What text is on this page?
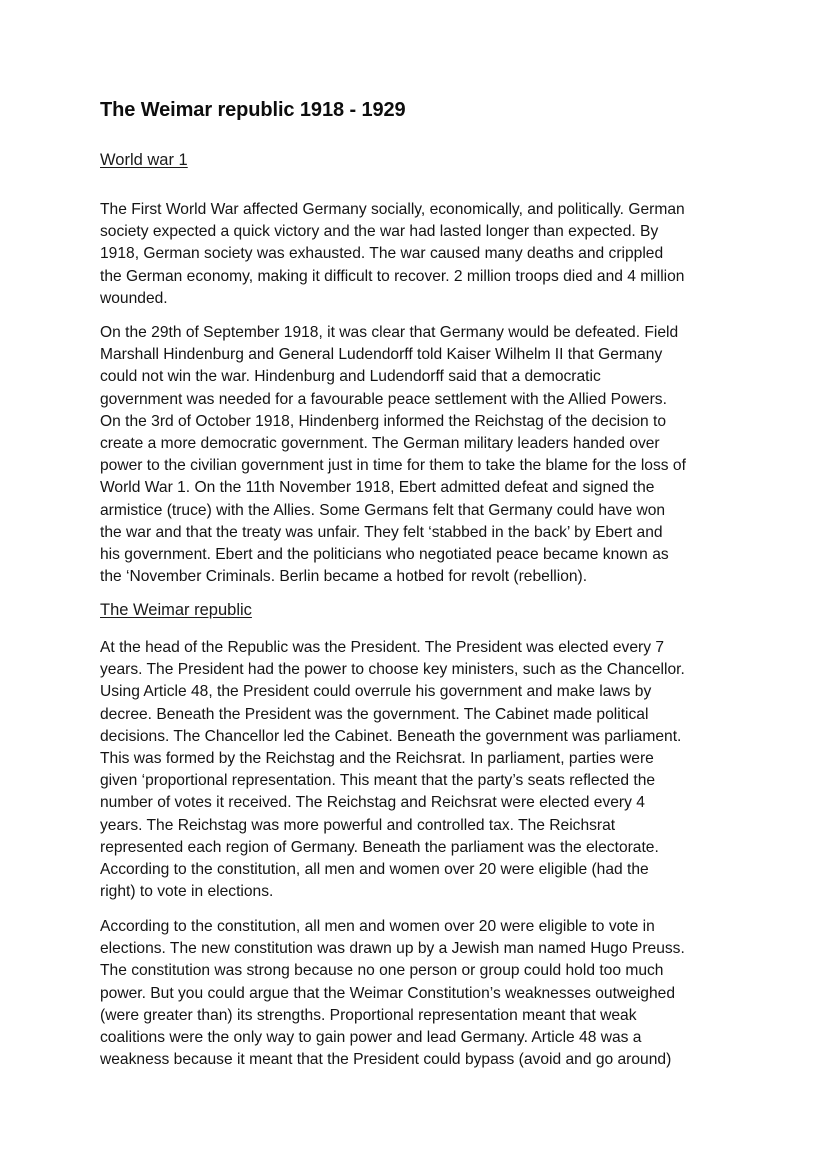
The Weimar republic 1918 - 1929
World war 1
The First World War affected Germany socially, economically, and politically. German
society expected a quick victory and the war had lasted longer than expected. By
1918, German society was exhausted. The war caused many deaths and crippled
the German economy, making it difficult to recover. 2 million troops died and 4 million
wounded.
On the 29th of September 1918, it was clear that Germany would be defeated. Field
Marshall Hindenburg and General Ludendorff told Kaiser Wilhelm II that Germany
could not win the war. Hindenburg and Ludendorff said that a democratic
government was needed for a favourable peace settlement with the Allied Powers.
On the 3rd of October 1918, Hindenberg informed the Reichstag of the decision to
create a more democratic government. The German military leaders handed over
power to the civilian government just in time for them to take the blame for the loss of
World War 1. On the 11th November 1918, Ebert admitted defeat and signed the
armistice (truce) with the Allies. Some Germans felt that Germany could have won
the war and that the treaty was unfair. They felt ‘stabbed in the back’ by Ebert and
his government. Ebert and the politicians who negotiated peace became known as
the ‘November Criminals. Berlin became a hotbed for revolt (rebellion).
The Weimar republic
At the head of the Republic was the President. The President was elected every 7
years. The President had the power to choose key ministers, such as the Chancellor.
Using Article 48, the President could overrule his government and make laws by
decree. Beneath the President was the government. The Cabinet made political
decisions. The Chancellor led the Cabinet. Beneath the government was parliament.
This was formed by the Reichstag and the Reichsrat. In parliament, parties were
given ‘proportional representation. This meant that the party’s seats reflected the
number of votes it received. The Reichstag and Reichsrat were elected every 4
years. The Reichstag was more powerful and controlled tax. The Reichsrat
represented each region of Germany. Beneath the parliament was the electorate.
According to the constitution, all men and women over 20 were eligible (had the
right) to vote in elections.
According to the constitution, all men and women over 20 were eligible to vote in
elections. The new constitution was drawn up by a Jewish man named Hugo Preuss.
The constitution was strong because no one person or group could hold too much
power. But you could argue that the Weimar Constitution’s weaknesses outweighed
(were greater than) its strengths. Proportional representation meant that weak
coalitions were the only way to gain power and lead Germany. Article 48 was a
weakness because it meant that the President could bypass (avoid and go around)
